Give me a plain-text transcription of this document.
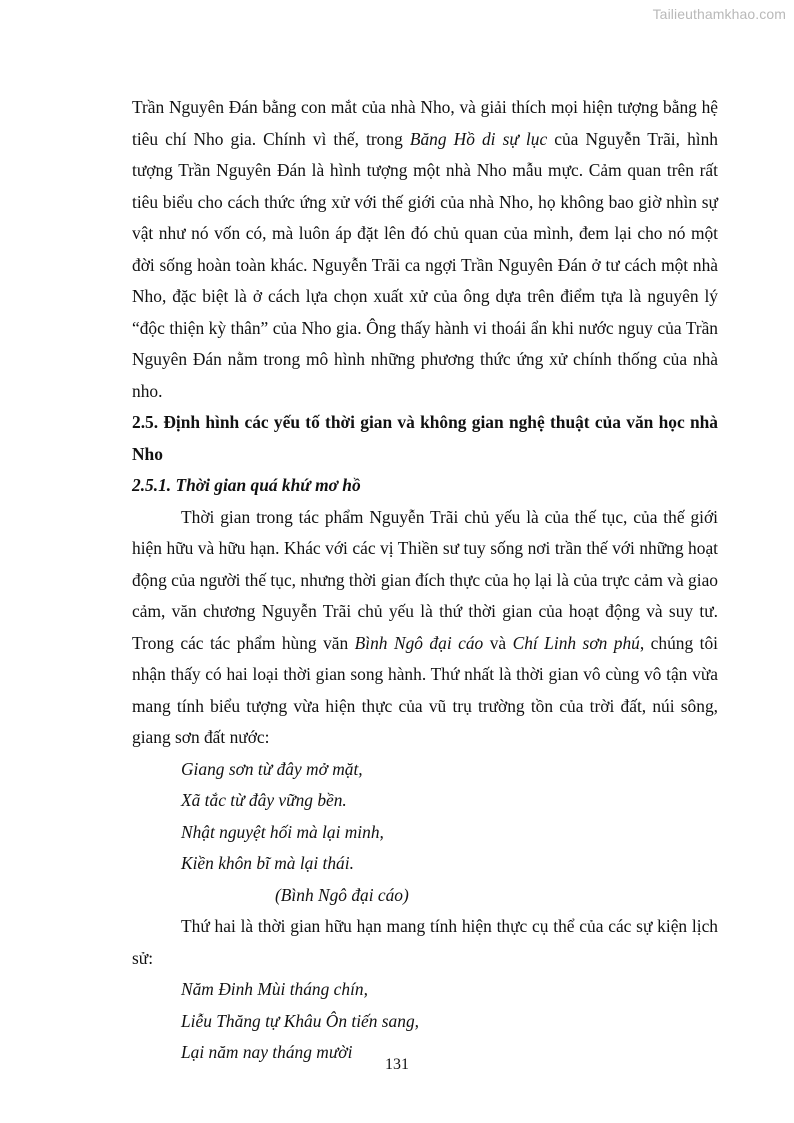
Tailieuthamkhao.com

Trần Nguyên Đán bằng con mắt của nhà Nho, và giải thích mọi hiện tượng bằng hệ tiêu chí Nho gia. Chính vì thế, trong Băng Hồ di sự lục của Nguyễn Trãi, hình tượng Trần Nguyên Đán là hình tượng một nhà Nho mẫu mực. Cảm quan trên rất tiêu biểu cho cách thức ứng xử với thế giới của nhà Nho, họ không bao giờ nhìn sự vật như nó vốn có, mà luôn áp đặt lên đó chủ quan của mình, đem lại cho nó một đời sống hoàn toàn khác. Nguyễn Trãi ca ngợi Trần Nguyên Đán ở tư cách một nhà Nho, đặc biệt là ở cách lựa chọn xuất xử của ông dựa trên điểm tựa là nguyên lý “độc thiện kỳ thân” của Nho gia. Ông thấy hành vi thoái ẩn khi nước nguy của Trần Nguyên Đán nằm trong mô hình những phương thức ứng xử chính thống của nhà nho.

2.5. Định hình các yếu tố thời gian và không gian nghệ thuật của văn học nhà Nho

2.5.1. Thời gian quá khứ mơ hồ

Thời gian trong tác phẩm Nguyễn Trãi chủ yếu là của thế tục, của thế giới hiện hữu và hữu hạn. Khác với các vị Thiền sư tuy sống nơi trần thế với những hoạt động của người thế tục, nhưng thời gian đích thực của họ lại là của trực cảm và giao cảm, văn chương Nguyễn Trãi chủ yếu là thứ thời gian của hoạt động và suy tư. Trong các tác phẩm hùng văn Bình Ngô đại cáo và Chí Linh sơn phú, chúng tôi nhận thấy có hai loại thời gian song hành. Thứ nhất là thời gian vô cùng vô tận vừa mang tính biểu tượng vừa hiện thực của vũ trụ trường tồn của trời đất, núi sông, giang sơn đất nước:

Giang sơn từ đây mở mặt,
Xã tắc từ đây vững bền.
Nhật nguyệt hối mà lại minh,
Kiền khôn bĩ mà lại thái.

(Bình Ngô đại cáo)

Thứ hai là thời gian hữu hạn mang tính hiện thực cụ thể của các sự kiện lịch sử:

Năm Đinh Mùi tháng chín,
Liễu Thăng tự Khâu Ôn tiến sang,
Lại năm nay tháng mười
131
